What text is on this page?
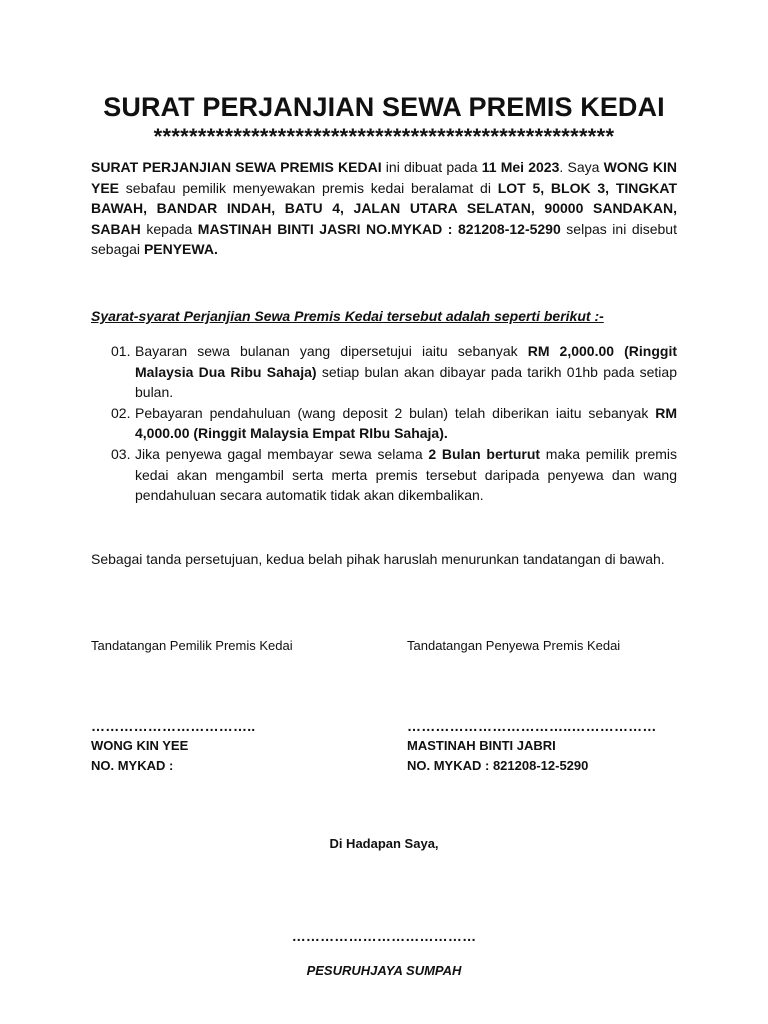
SURAT PERJANJIAN SEWA PREMIS KEDAI
****************************************************
SURAT PERJANJIAN SEWA PREMIS KEDAI ini dibuat pada 11 Mei 2023. Saya WONG KIN YEE sebafau pemilik menyewakan premis kedai beralamat di LOT 5, BLOK 3, TINGKAT BAWAH, BANDAR INDAH, BATU 4, JALAN UTARA SELATAN, 90000 SANDAKAN, SABAH kepada MASTINAH BINTI JASRI NO.MYKAD : 821208-12-5290 selpas ini disebut sebagai PENYEWA.
Syarat-syarat Perjanjian Sewa Premis Kedai tersebut adalah seperti berikut :-
01. Bayaran sewa bulanan yang dipersetujui iaitu sebanyak RM 2,000.00 (Ringgit Malaysia Dua Ribu Sahaja) setiap bulan akan dibayar pada tarikh 01hb pada setiap bulan.
02. Pebayaran pendahuluan (wang deposit 2 bulan) telah diberikan iaitu sebanyak RM 4,000.00 (Ringgit Malaysia Empat RIbu Sahaja).
03. Jika penyewa gagal membayar sewa selama 2 Bulan berturut maka pemilik premis kedai akan mengambil serta merta premis tersebut daripada penyewa dan wang pendahuluan secara automatik tidak akan dikembalikan.
Sebagai tanda persetujuan, kedua belah pihak haruslah menurunkan tandatangan di bawah.
Tandatangan Pemilik Premis Kedai	Tandatangan Penyewa Premis Kedai
……………………………..	……………………………..………………
WONG KIN YEE	MASTINAH BINTI JABRI
NO. MYKAD :	NO. MYKAD : 821208-12-5290
Di Hadapan Saya,
…………………………………
PESURUHJAYA SUMPAH
